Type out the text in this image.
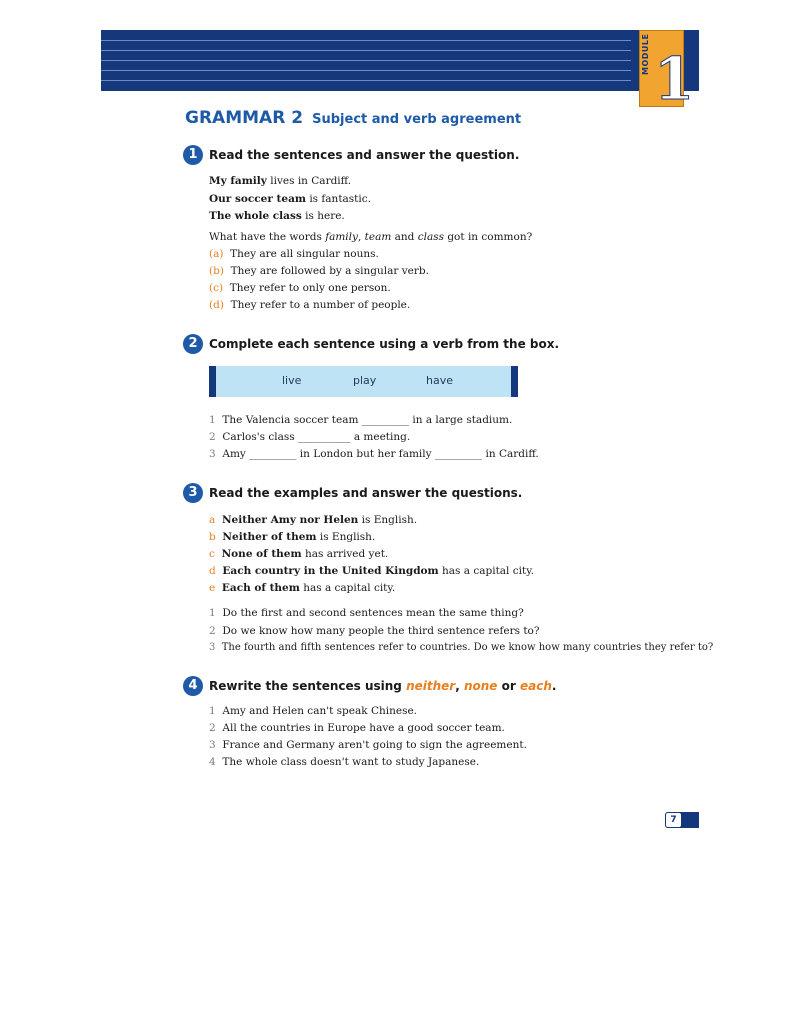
MODULE 1
GRAMMAR 2 Subject and verb agreement
1 Read the sentences and answer the question.
My family lives in Cardiff.
Our soccer team is fantastic.
The whole class is here.
What have the words family, team and class got in common?
(a) They are all singular nouns.
(b) They are followed by a singular verb.
(c) They refer to only one person.
(d) They refer to a number of people.
2 Complete each sentence using a verb from the box.
live	play	have
1 The Valencia soccer team _________ in a large stadium.
2 Carlos's class __________ a meeting.
3 Amy _________ in London but her family _________ in Cardiff.
3 Read the examples and answer the questions.
a Neither Amy nor Helen is English.
b Neither of them is English.
c None of them has arrived yet.
d Each country in the United Kingdom has a capital city.
e Each of them has a capital city.
1 Do the first and second sentences mean the same thing?
2 Do we know how many people the third sentence refers to?
3 The fourth and fifth sentences refer to countries. Do we know how many countries they refer to?
4 Rewrite the sentences using neither, none or each.
1 Amy and Helen can't speak Chinese.
2 All the countries in Europe have a good soccer team.
3 France and Germany aren't going to sign the agreement.
4 The whole class doesn't want to study Japanese.
7
